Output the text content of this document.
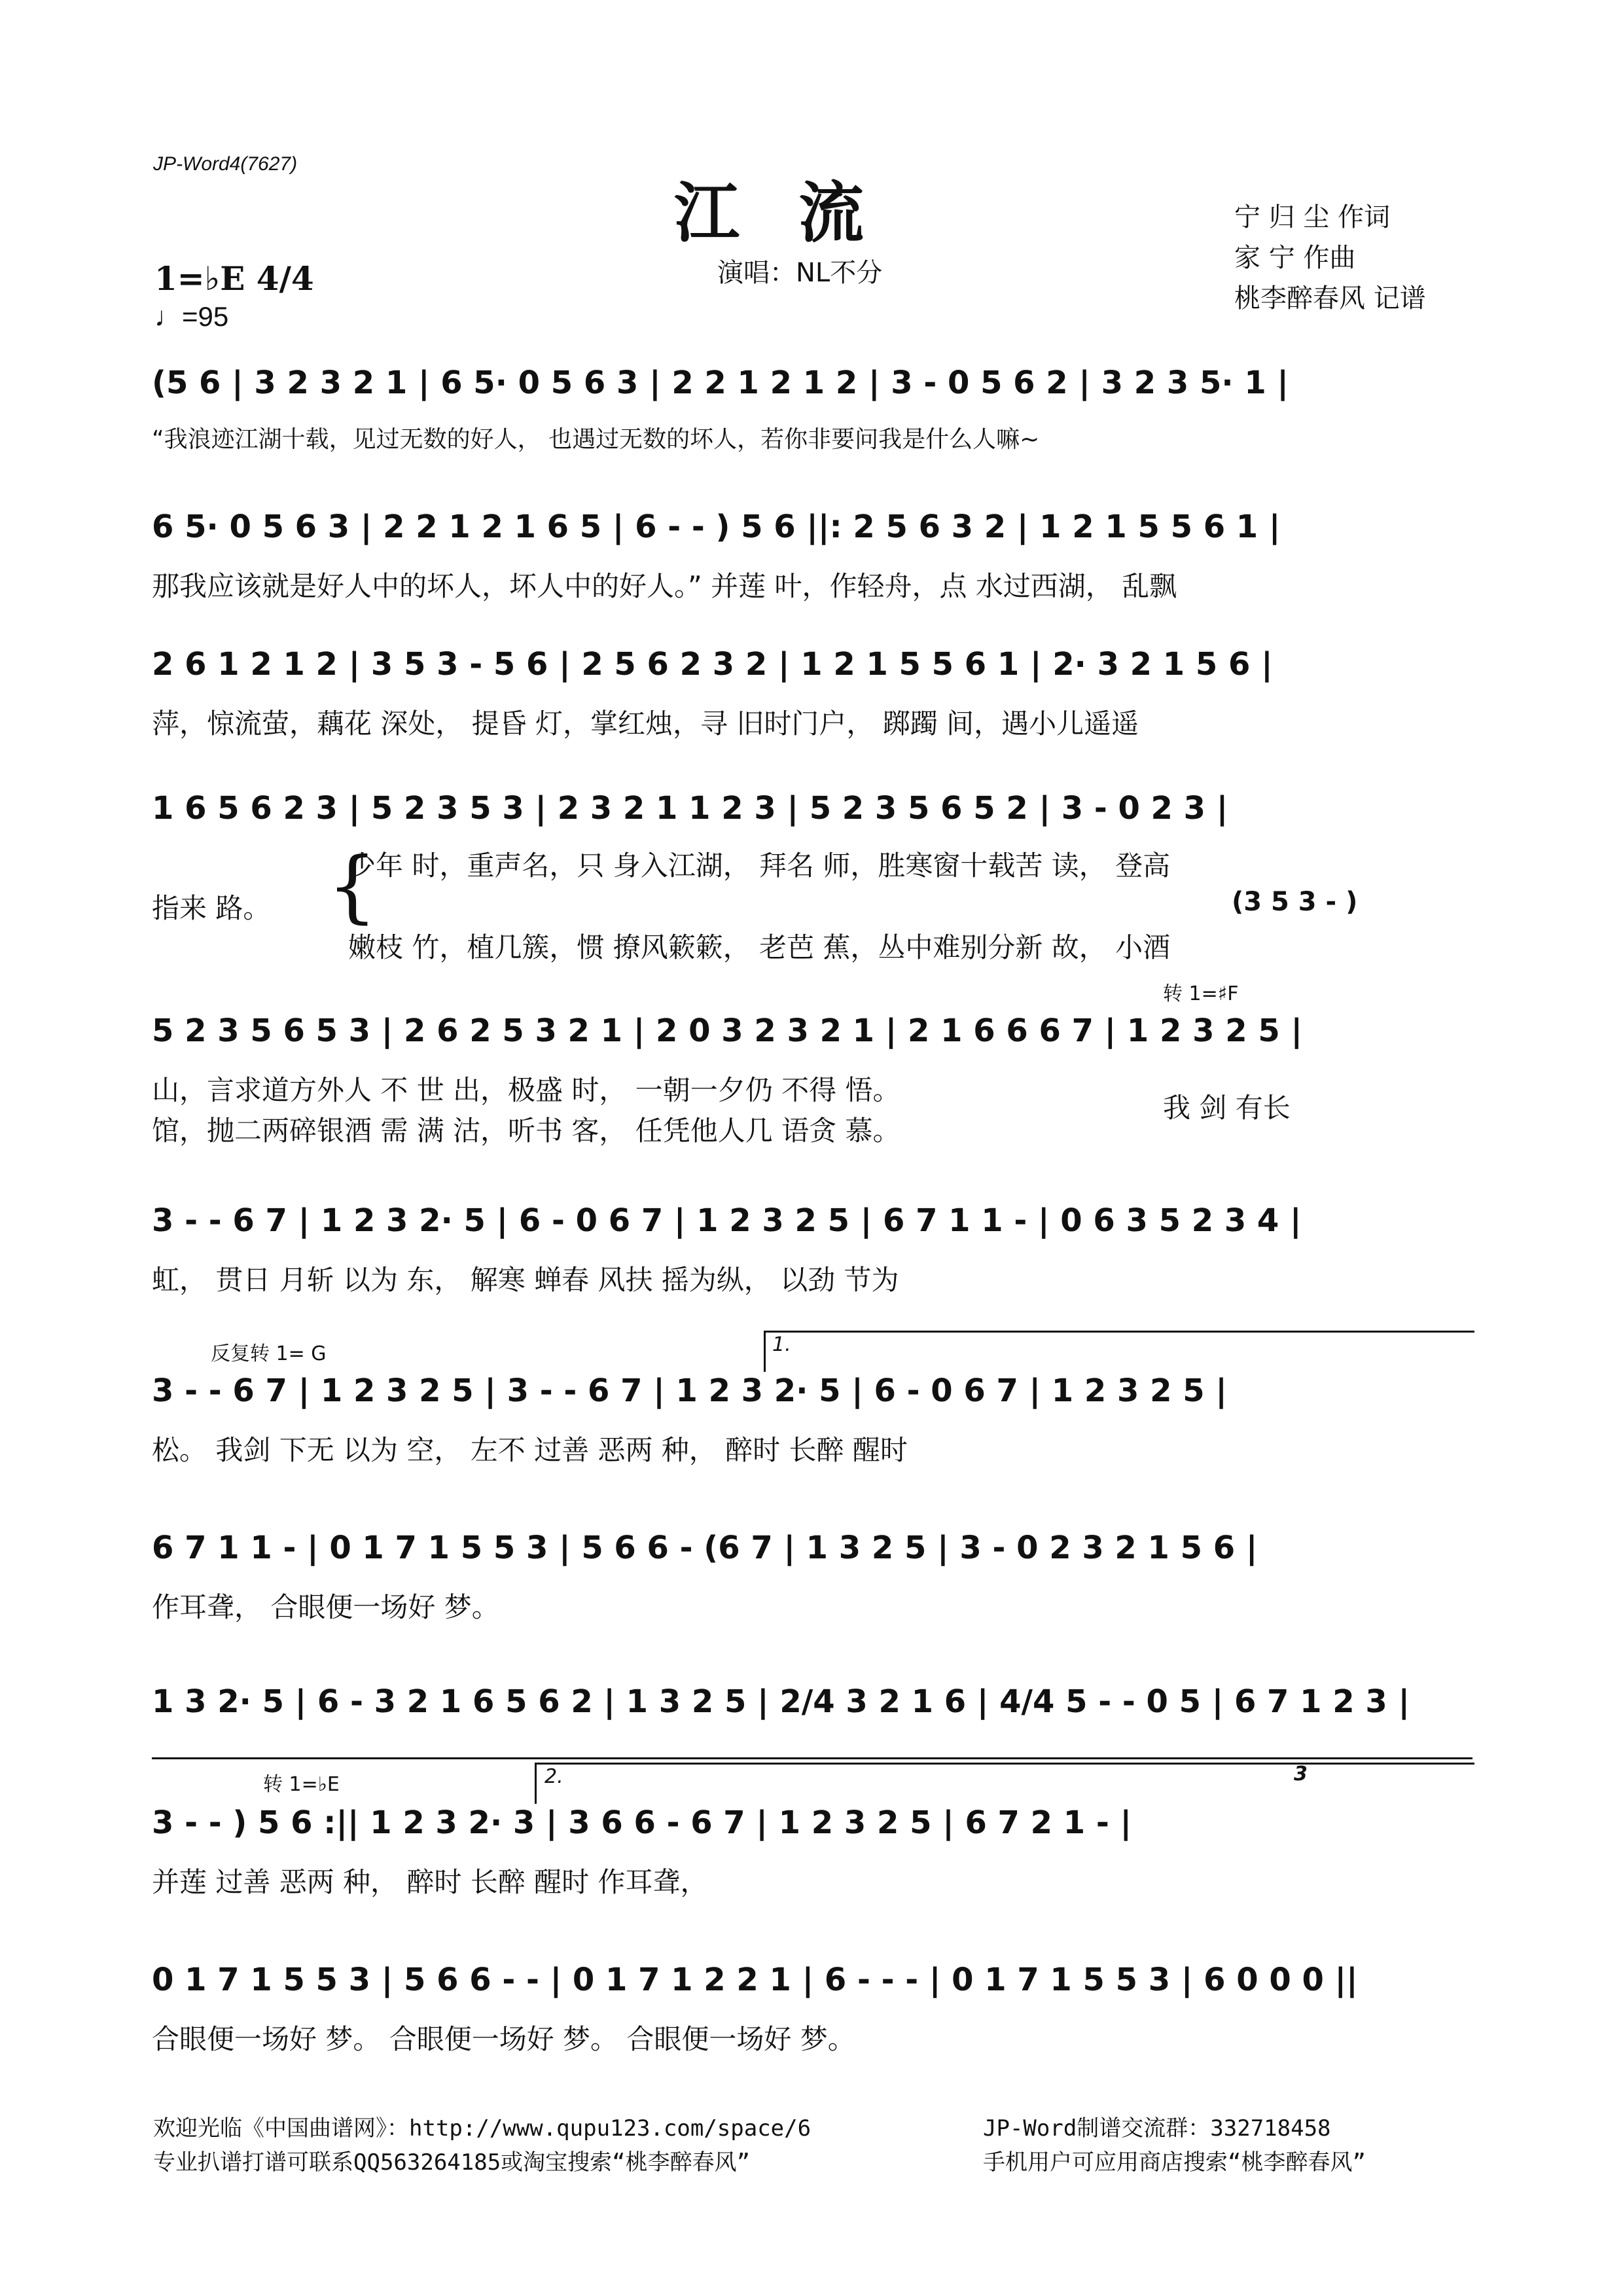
JP-Word4(7627)
江流	宁 归 尘 作词
家 宁 作曲
桃李醉春风 记谱
演唱：NL不分
1=♭E 4/4
♩=95
(5 6 | 3 2 3 2 1 | 6 5· 0 5 6 3 | 2 2 1 2 1 2 | 3 - 0 5 6 2 | 3 2 3 5· 1 |
“我浪迹江湖十载，见过无数的好人， 也遇过无数的坏人，若你非要问我是什么人嘛~
6 5· 0 5 6 3 | 2 2 1 2 1 6 5 | 6 - - ) 5 6 ||: 2 5 6 3 2 | 1 2 1 5 5 6 1 |
那我应该就是好人中的坏人，坏人中的好人。” 并莲 叶，作轻舟，点 水过西湖， 乱飘
2 6 1 2 1 2 | 3 5 3 - 5 6 | 2 5 6 2 3 2 | 1 2 1 5 5 6 1 | 2· 3 2 1 5 6 |
萍，惊流萤，藕花 深处， 提昏 灯，掌红烛，寻 旧时门户， 踯躅 间，遇小儿遥遥
1 6 5 6 2 3 | 5 2 3 5 3 | 2 3 2 1 1 2 3 | 5 2 3 5 6 5 2 | 3 - 0 2 3 |
指来 路。 {
少年 时，重声名，只 身入江湖， 拜名 师，胜寒窗十载苦 读， 登高
嫩枝 竹，植几簇，惯 撩风簌簌， 老芭 蕉，丛中难别分新 故， 小酒
(3 5 3 - )
转 1=♯F
5 2 3 5 6 5 3 | 2 6 2 5 3 2 1 | 2 0 3 2 3 2 1 | 2 1 6 6 6 7 | 1 2 3 2 5 |
山，言求道方外人 不 世 出，极盛 时， 一朝一夕仍 不得 悟。
馆，抛二两碎银酒 需 满 沽，听书 客， 任凭他人几 语贪 慕。
我 剑 有长
3 - - 6 7 | 1 2 3 2· 5 | 6 - 0 6 7 | 1 2 3 2 5 | 6 7 1 1 - | 0 6 3 5 2 3 4 |
虹， 贯日 月斩 以为 东， 解寒 蝉春 风扶 摇为纵， 以劲 节为
反复转 1= G	1.
3 - - 6 7 | 1 2 3 2 5 | 3 - - 6 7 | 1 2 3 2· 5 | 6 - 0 6 7 | 1 2 3 2 5 |
松。 我剑 下无 以为 空， 左不 过善 恶两 种， 醉时 长醉 醒时
6 7 1 1 - | 0 1 7 1 5 5 3 | 5 6 6 - (6 7 | 1 3 2 5 | 3 - 0 2 3 2 1 5 6 |
作耳聋， 合眼便一场好 梦。
1 3 2· 5 | 6 - 3 2 1 6 5 6 2 | 1 3 2 5 | 2/4 3 2 1 6 | 4/4 5 - - 0 5 | 6 7 1 2 3 |
转 1=♭E	2.	3
3 - - ) 5 6 :|| 1 2 3 2· 3 | 3 6 6 - 6 7 | 1 2 3 2 5 | 6 7 2 1 - |
并莲 过善 恶两 种， 醉时 长醉 醒时 作耳聋，
0 1 7 1 5 5 3 | 5 6 6 - - | 0 1 7 1 2 2 1 | 6 - - - | 0 1 7 1 5 5 3 | 6 0 0 0 ||
合眼便一场好 梦。 合眼便一场好 梦。 合眼便一场好 梦。
欢迎光临《中国曲谱网》：http://www.qupu123.com/space/6	JP-Word制谱交流群：332718458
专业扒谱打谱可联系QQ563264185或淘宝搜索“桃李醉春风”	手机用户可应用商店搜索“桃李醉春风”
